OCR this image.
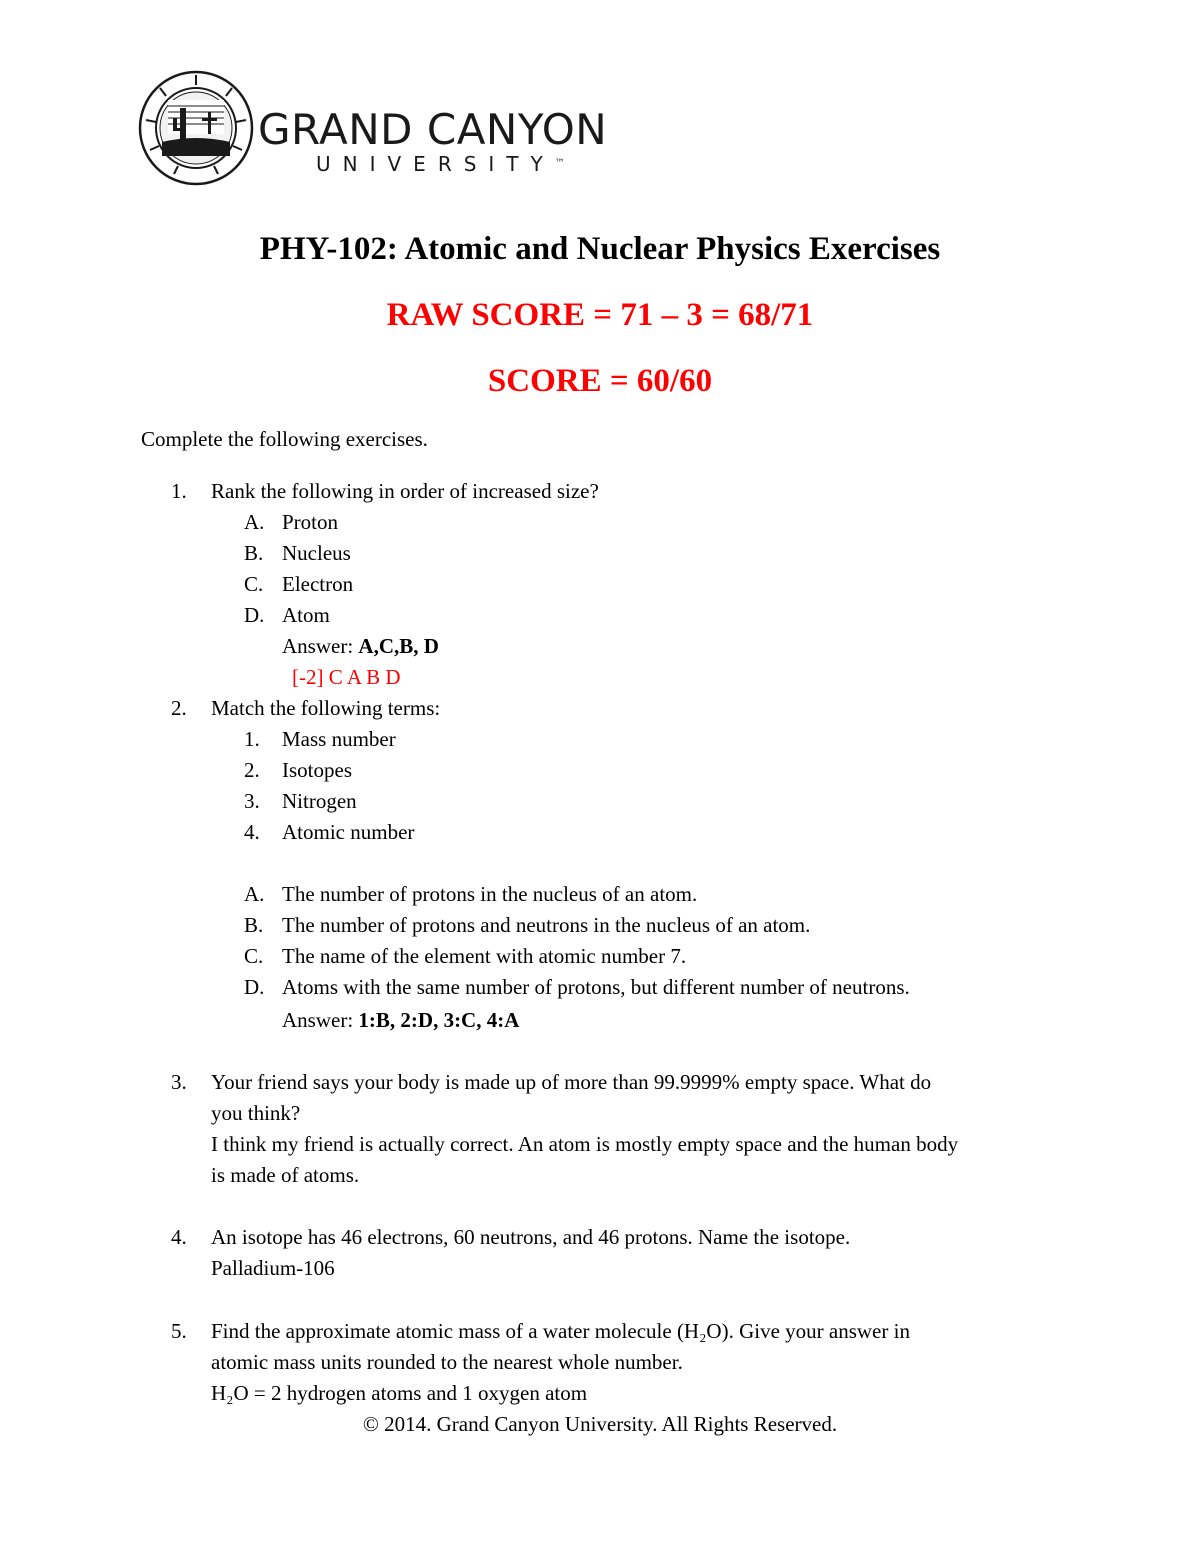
GRAND CANYON
UNIVERSITY™
PHY-102: Atomic and Nuclear Physics Exercises
RAW SCORE = 71 – 3 = 68/71
SCORE = 60/60
Complete the following exercises.
1. Rank the following in order of increased size?
A. Proton
B. Nucleus
C. Electron
D. Atom
Answer: A,C,B, D
[-2] C A B D
2. Match the following terms:
1. Mass number
2. Isotopes
3. Nitrogen
4. Atomic number
A. The number of protons in the nucleus of an atom.
B. The number of protons and neutrons in the nucleus of an atom.
C. The name of the element with atomic number 7.
D. Atoms with the same number of protons, but different number of neutrons.
Answer: 1:B, 2:D, 3:C, 4:A
3. Your friend says your body is made up of more than 99.9999% empty space. What do
you think?
I think my friend is actually correct. An atom is mostly empty space and the human body
is made of atoms.
4. An isotope has 46 electrons, 60 neutrons, and 46 protons. Name the isotope.
Palladium-106
5. Find the approximate atomic mass of a water molecule (H₂O). Give your answer in
atomic mass units rounded to the nearest whole number.
H₂O = 2 hydrogen atoms and 1 oxygen atom
© 2014. Grand Canyon University. All Rights Reserved.
